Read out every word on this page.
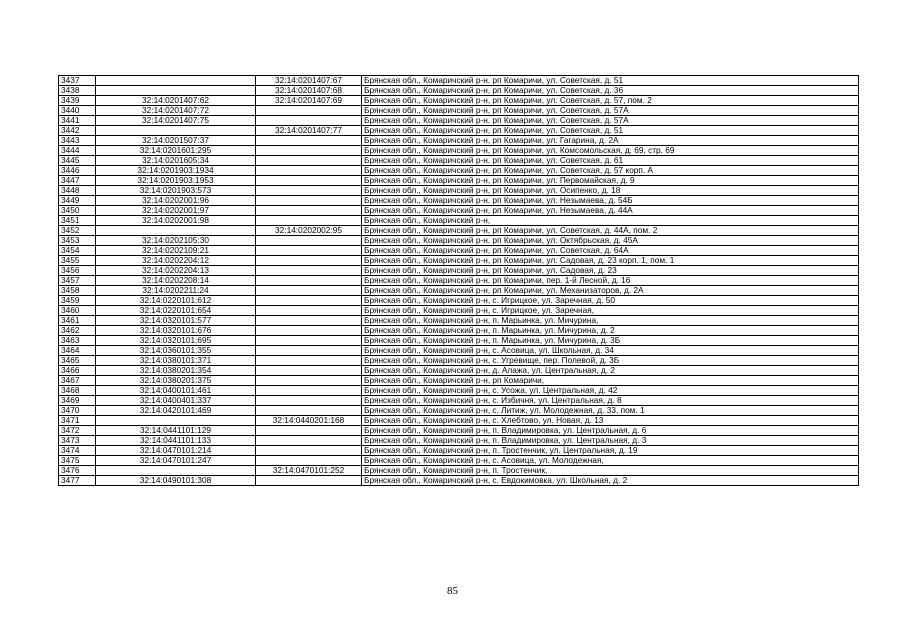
3437		32:14:0201407:67	Брянская обл., Комаричский р-н, рп Комаричи, ул. Советская, д. 51
3438		32:14:0201407:68	Брянская обл., Комаричский р-н, рп Комаричи, ул. Советская, д. 36
3439	32:14:0201407:62	32:14:0201407:69	Брянская обл., Комаричский р-н, рп Комаричи, ул. Советская, д. 57, пом. 2
3440	32:14:0201407:72		Брянская обл., Комаричский р-н, рп Комаричи, ул. Советская, д. 57А
3441	32:14:0201407:75		Брянская обл., Комаричский р-н, рп Комаричи, ул. Советская, д. 57А
3442		32:14:0201407:77	Брянская обл., Комаричский р-н, рп Комаричи, ул. Советская, д. 51
3443	32:14:0201507:37		Брянская обл., Комаричский р-н, рп Комаричи, ул. Гагарина, д. 2А
3444	32:14:0201601:295		Брянская обл., Комаричский р-н, рп Комаричи, ул. Комсомольская, д. 69, стр. 69
3445	32:14:0201605:34		Брянская обл., Комаричский р-н, рп Комаричи, ул. Советская, д. 61
3446	32:14:0201903:1934		Брянская обл., Комаричский р-н, рп Комаричи, ул. Советская, д. 57 корп. А
3447	32:14:0201903:1953		Брянская обл., Комаричский р-н, рп Комаричи, ул. Первомайская, д. 9
3448	32:14:0201903:573		Брянская обл., Комаричский р-н, рп Комаричи, ул. Осипенко, д. 18
3449	32:14:0202001:96		Брянская обл., Комаричский р-н, рп Комаричи, ул. Незымаева, д. 54Б
3450	32:14:0202001:97		Брянская обл., Комаричский р-н, рп Комаричи, ул. Незымаева, д. 44А
3451	32:14:0202001:98		Брянская обл., Комаричский р-н,
3452		32:14:0202002:95	Брянская обл., Комаричский р-н, рп Комаричи, ул. Советская, д. 44А, пом. 2
3453	32:14:0202105:30		Брянская обл., Комаричский р-н, рп Комаричи, ул. Октябрьская, д. 45А
3454	32:14:0202109:21		Брянская обл., Комаричский р-н, рп Комаричи, ул. Советская, д. 64А
3455	32:14:0202204:12		Брянская обл., Комаричский р-н, рп Комаричи, ул. Садовая, д. 23 корп. 1, пом. 1
3456	32:14:0202204:13		Брянская обл., Комаричский р-н, рп Комаричи, ул. Садовая, д. 23
3457	32:14:0202208:14		Брянская обл., Комаричский р-н, рп Комаричи, пер. 1-й Лесной, д. 16
3458	32:14:0202211:24		Брянская обл., Комаричский р-н, рп Комаричи, ул. Механизаторов, д. 2А
3459	32:14:0220101:612		Брянская обл., Комаричский р-н, с. Игрицкое, ул. Заречная, д. 50
3460	32:14:0220101:654		Брянская обл., Комаричский р-н, с. Игрицкое, ул. Заречная,
3461	32:14:0320101:577		Брянская обл., Комаричский р-н, п. Марьинка, ул. Мичурина,
3462	32:14:0320101:676		Брянская обл., Комаричский р-н, п. Марьинка, ул. Мичурина, д. 2
3463	32:14:0320101:695		Брянская обл., Комаричский р-н, п. Марьинка, ул. Мичурина, д. 3Б
3464	32:14:0360101:355		Брянская обл., Комаричский р-н, с. Асовица, ул. Школьная, д. 34
3465	32:14:0380101:371		Брянская обл., Комаричский р-н, с. Угревище, пер. Полевой, д. 3Б
3466	32:14:0380201:354		Брянская обл., Комаричский р-н, д. Алажа, ул. Центральная, д. 2
3467	32:14:0380201:375		Брянская обл., Комаричский р-н, рп Комаричи,
3468	32:14:0400101:461		Брянская обл., Комаричский р-н, с. Усожа, ул. Центральная, д. 42
3469	32:14:0400401:337		Брянская обл., Комаричский р-н, с. Избичня, ул. Центральная, д. 8
3470	32:14:0420101:469		Брянская обл., Комаричский р-н, с. Литиж, ул. Молодежная, д. 33, пом. 1
3471		32:14:0440201:168	Брянская обл., Комаричский р-н, с. Хлебтово, ул. Новая, д. 13
3472	32:14:0441101:129		Брянская обл., Комаричский р-н, п. Владимировка, ул. Центральная, д. 6
3473	32:14:0441101:133		Брянская обл., Комаричский р-н, п. Владимировка, ул. Центральная, д. 3
3474	32:14:0470101:214		Брянская обл., Комаричский р-н, п. Тростенчик, ул. Центральная, д. 19
3475	32:14:0470101:247		Брянская обл., Комаричский р-н, с. Асовица, ул. Молодежная,
3476		32:14:0470101:252	Брянская обл., Комаричский р-н, п. Тростенчик,
3477	32:14:0490101:308		Брянская обл., Комаричский р-н, с. Евдокимовка, ул. Школьная, д. 2
85
